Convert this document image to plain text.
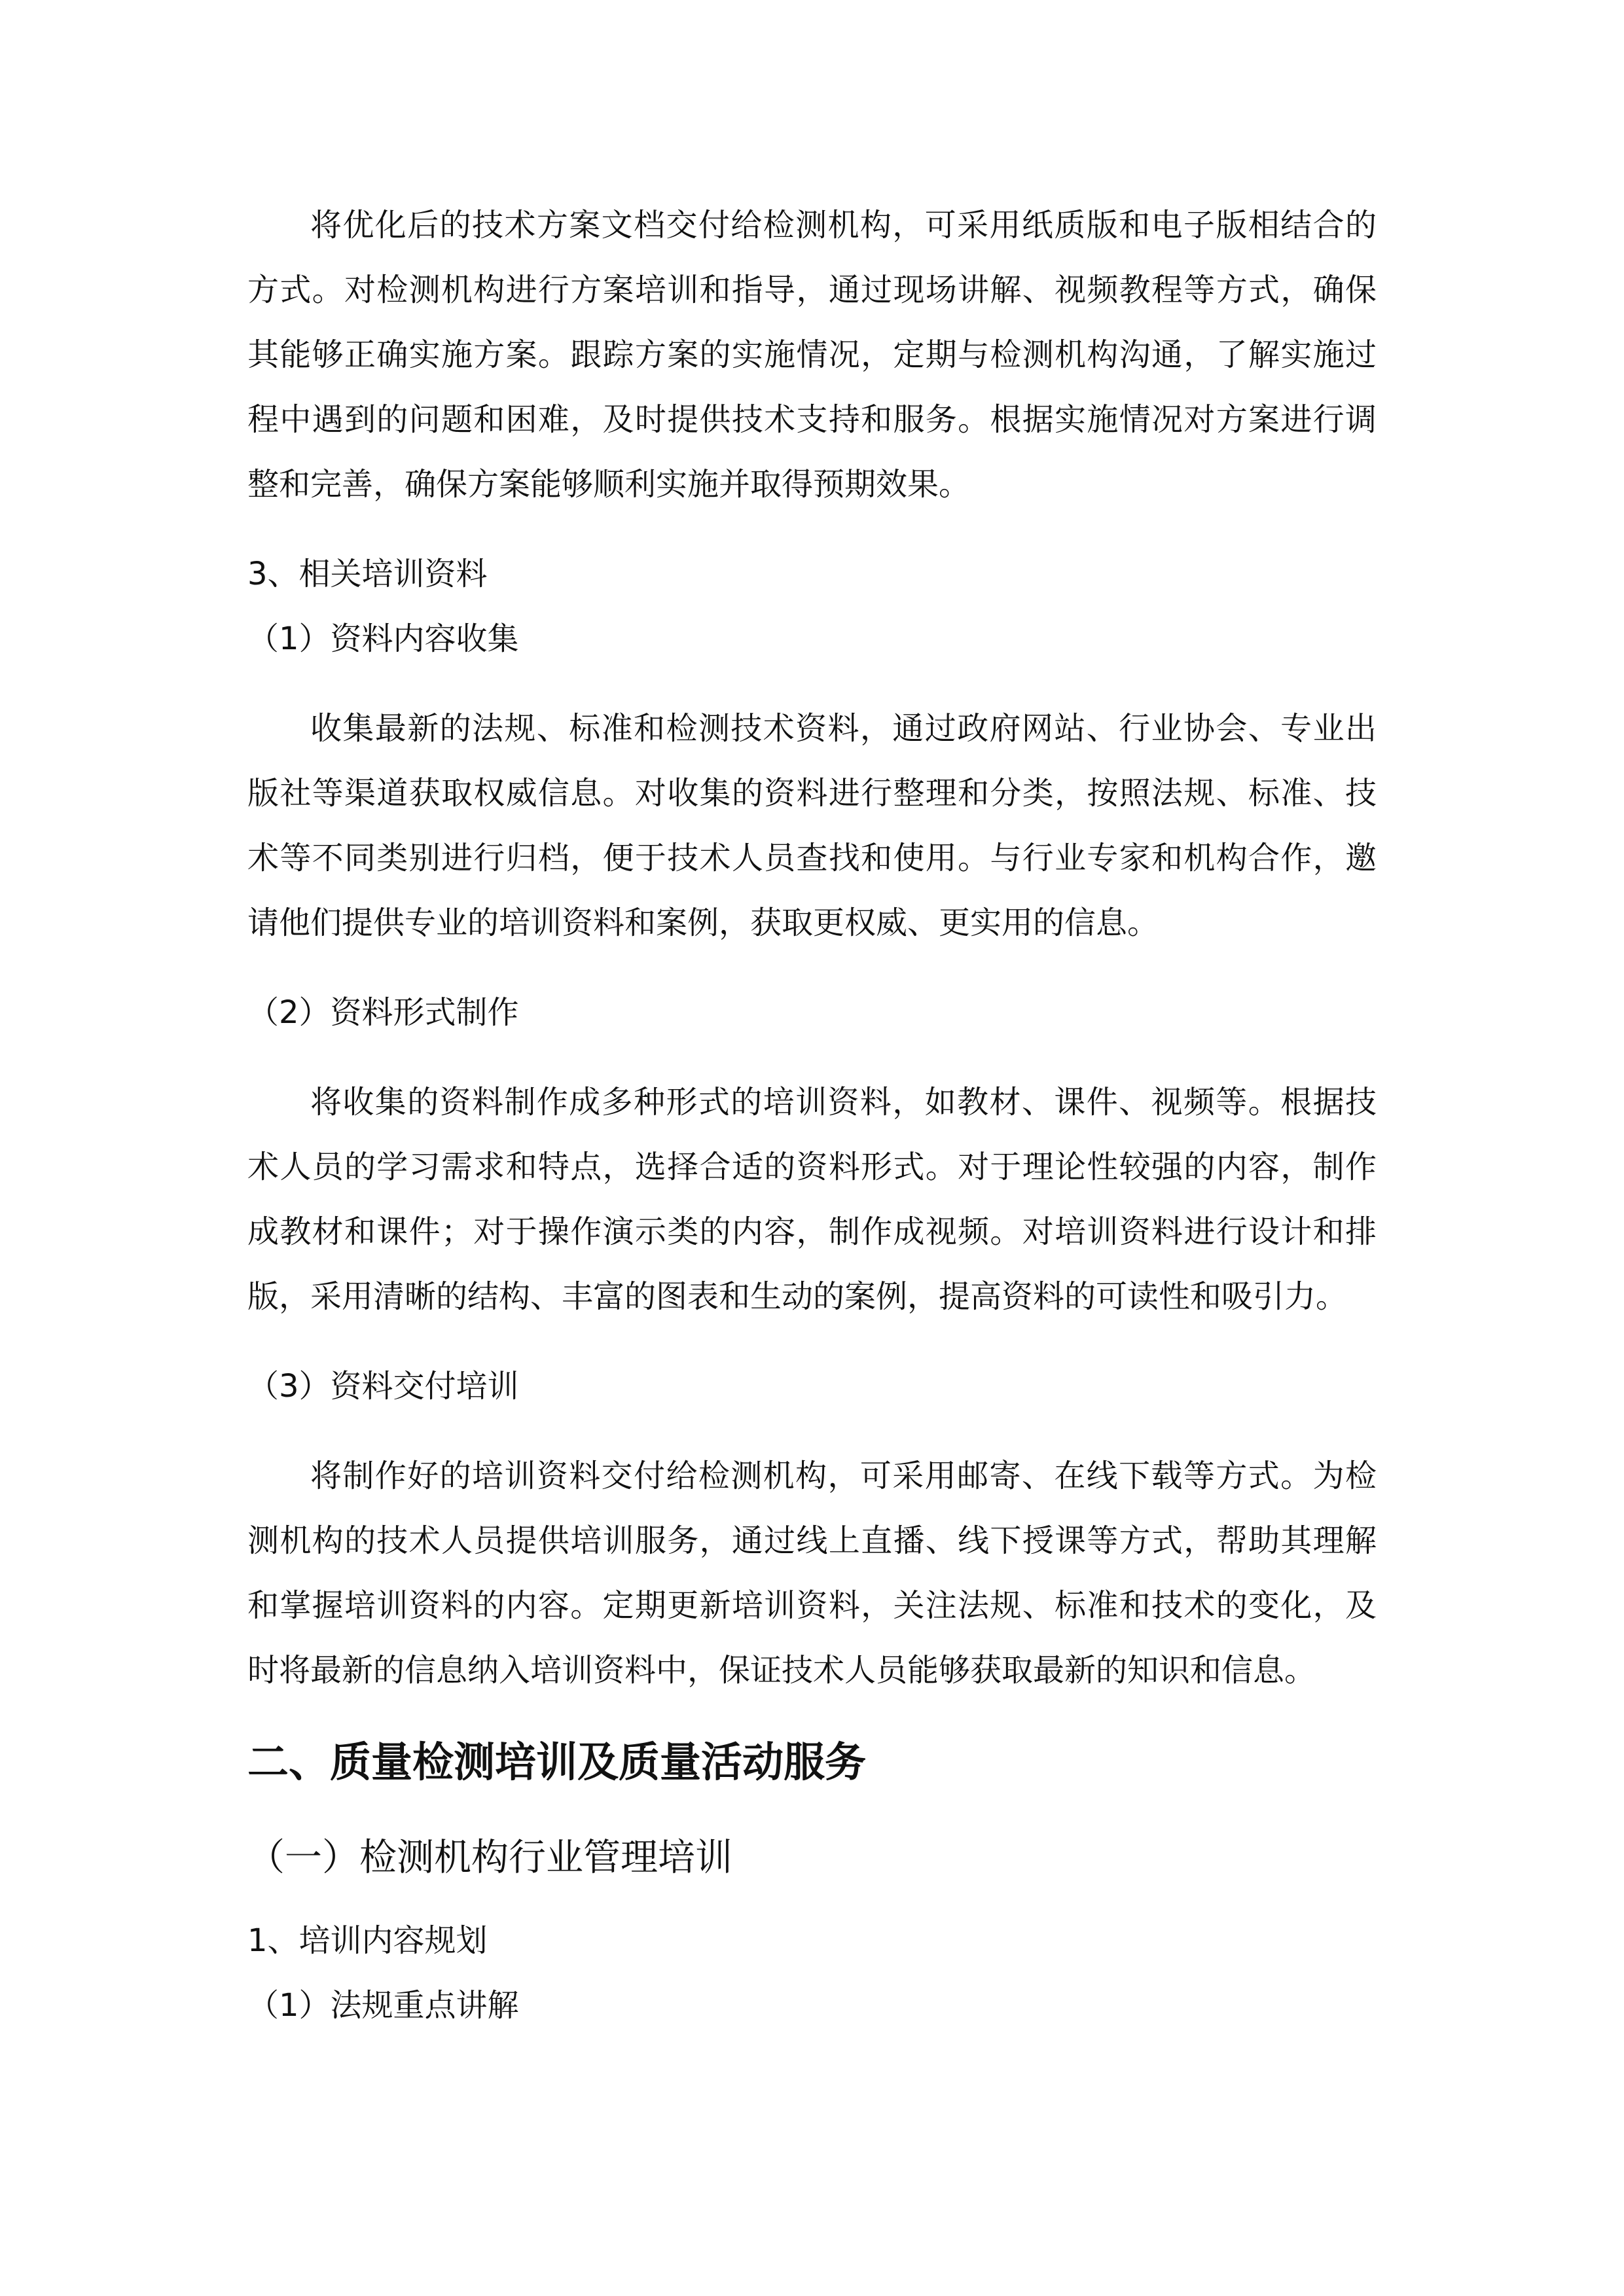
将优化后的技术方案文档交付给检测机构，可采用纸质版和电子版相结合的方式。对检测机构进行方案培训和指导，通过现场讲解、视频教程等方式，确保其能够正确实施方案。跟踪方案的实施情况，定期与检测机构沟通，了解实施过程中遇到的问题和困难，及时提供技术支持和服务。根据实施情况对方案进行调整和完善，确保方案能够顺利实施并取得预期效果。

3、相关培训资料

（1）资料内容收集

收集最新的法规、标准和检测技术资料，通过政府网站、行业协会、专业出版社等渠道获取权威信息。对收集的资料进行整理和分类，按照法规、标准、技术等不同类别进行归档，便于技术人员查找和使用。与行业专家和机构合作，邀请他们提供专业的培训资料和案例，获取更权威、更实用的信息。

（2）资料形式制作

将收集的资料制作成多种形式的培训资料，如教材、课件、视频等。根据技术人员的学习需求和特点，选择合适的资料形式。对于理论性较强的内容，制作成教材和课件；对于操作演示类的内容，制作成视频。对培训资料进行设计和排版，采用清晰的结构、丰富的图表和生动的案例，提高资料的可读性和吸引力。

（3）资料交付培训

将制作好的培训资料交付给检测机构，可采用邮寄、在线下载等方式。为检测机构的技术人员提供培训服务，通过线上直播、线下授课等方式，帮助其理解和掌握培训资料的内容。定期更新培训资料，关注法规、标准和技术的变化，及时将最新的信息纳入培训资料中，保证技术人员能够获取最新的知识和信息。

二、质量检测培训及质量活动服务

（一）检测机构行业管理培训

1、培训内容规划

（1）法规重点讲解
